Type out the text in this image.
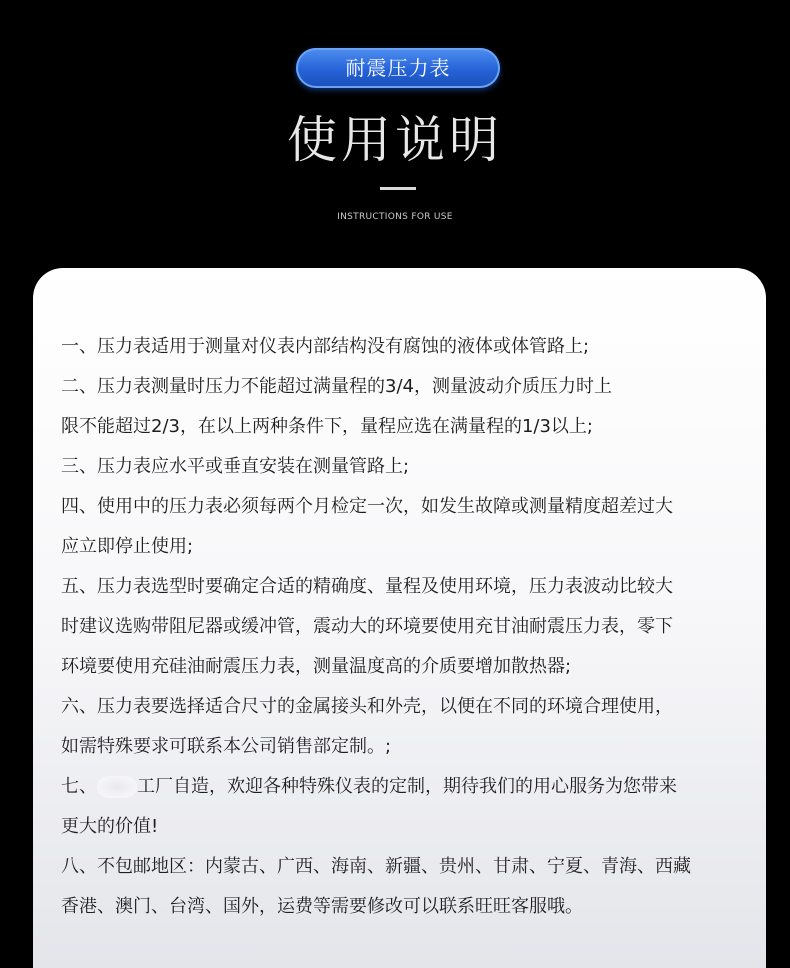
耐震压力表
使用说明
INSTRUCTIONS FOR USE
一、压力表适用于测量对仪表内部结构没有腐蚀的液体或体管路上;
二、压力表测量时压力不能超过满量程的3/4，测量波动介质压力时上
限不能超过2/3，在以上两种条件下，量程应选在满量程的1/3以上;
三、压力表应水平或垂直安装在测量管路上;
四、使用中的压力表必须每两个月检定一次，如发生故障或测量精度超差过大
应立即停止使用;
五、压力表选型时要确定合适的精确度、量程及使用环境，压力表波动比较大
时建议选购带阻尼器或缓冲管，震动大的环境要使用充甘油耐震压力表，零下
环境要使用充硅油耐震压力表，测量温度高的介质要增加散热器;
六、压力表要选择适合尺寸的金属接头和外壳，以便在不同的环境合理使用，
如需特殊要求可联系本公司销售部定制。;
七、 工厂自造，欢迎各种特殊仪表的定制，期待我们的用心服务为您带来
更大的价值!
八、不包邮地区：内蒙古、广西、海南、新疆、贵州、甘肃、宁夏、青海、西藏
香港、澳门、台湾、国外，运费等需要修改可以联系旺旺客服哦。
